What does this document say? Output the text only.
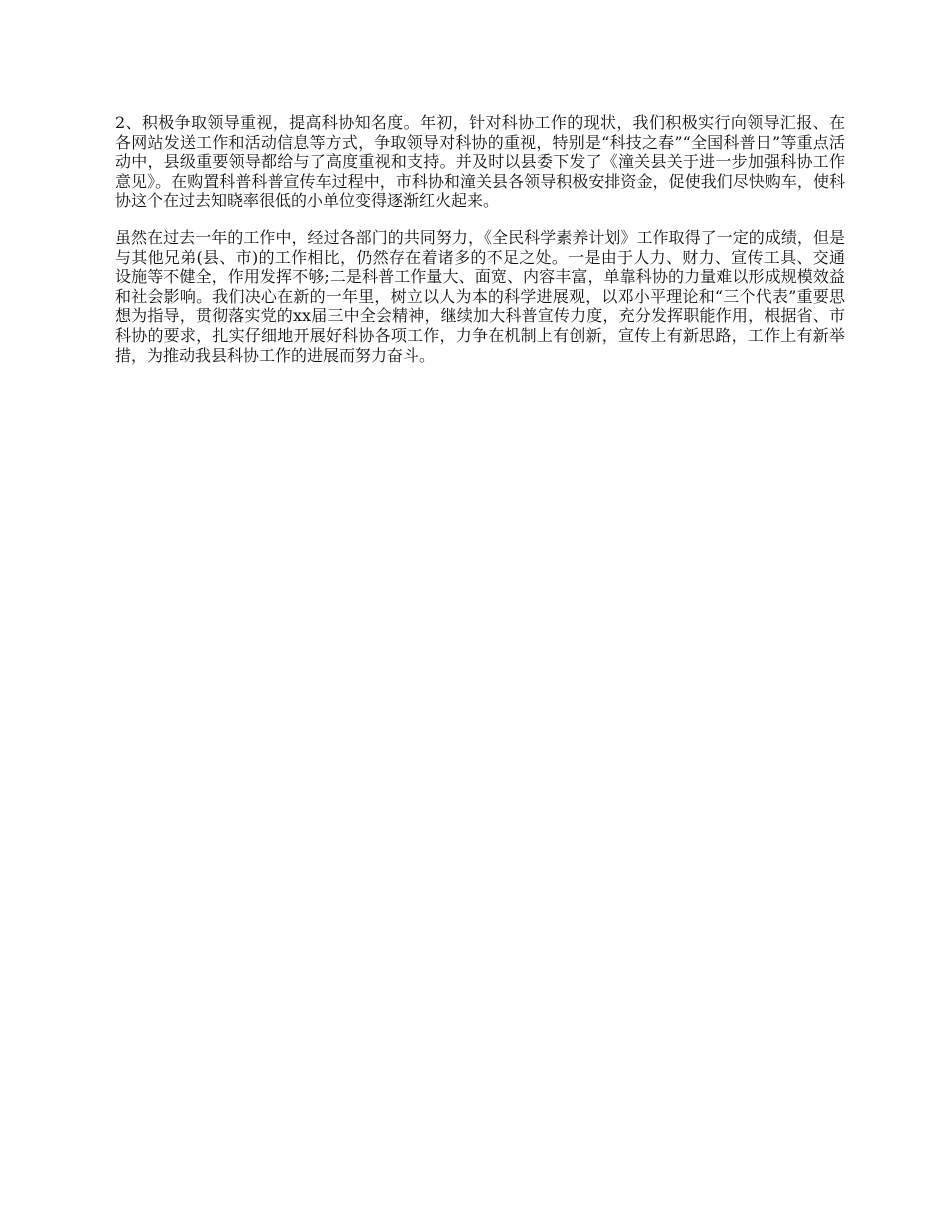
2、积极争取领导重视，提高科协知名度。年初，针对科协工作的现状，我们积极实行向领导汇报、在各网站发送工作和活动信息等方式，争取领导对科协的重视，特别是“科技之春”“全国科普日”等重点活动中，县级重要领导都给与了高度重视和支持。并及时以县委下发了《潼关县关于进一步加强科协工作意见》。在购置科普科普宣传车过程中，市科协和潼关县各领导积极安排资金，促使我们尽快购车，使科协这个在过去知晓率很低的小单位变得逐渐红火起来。

虽然在过去一年的工作中，经过各部门的共同努力，《全民科学素养计划》工作取得了一定的成绩，但是与其他兄弟(县、市)的工作相比，仍然存在着诸多的不足之处。一是由于人力、财力、宣传工具、交通设施等不健全，作用发挥不够;二是科普工作量大、面宽、内容丰富，单靠科协的力量难以形成规模效益和社会影响。我们决心在新的一年里，树立以人为本的科学进展观，以邓小平理论和“三个代表”重要思想为指导，贯彻落实党的xx届三中全会精神，继续加大科普宣传力度，充分发挥职能作用，根据省、市科协的要求，扎实仔细地开展好科协各项工作，力争在机制上有创新，宣传上有新思路，工作上有新举措，为推动我县科协工作的进展而努力奋斗。
